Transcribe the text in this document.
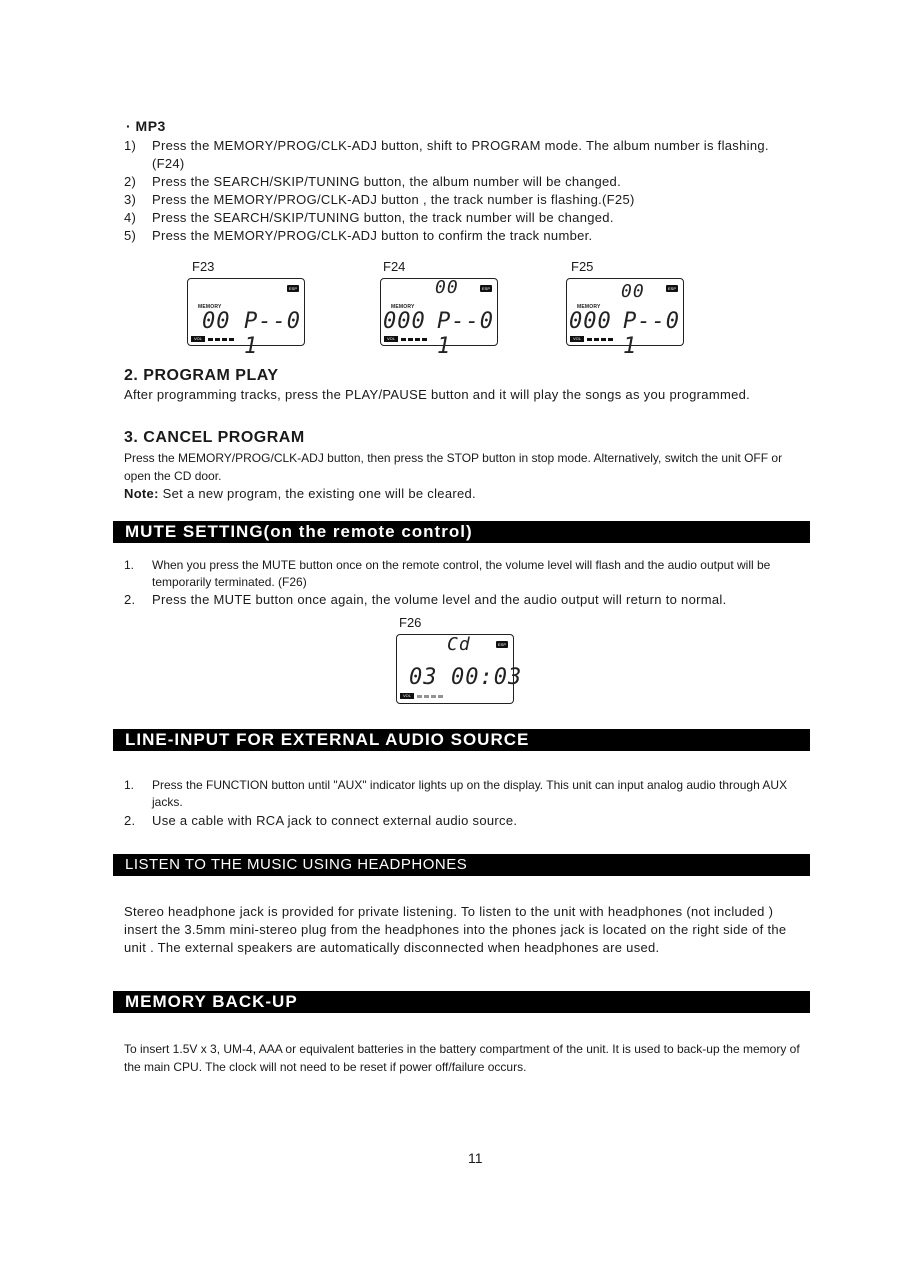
· MP3
1) Press the MEMORY/PROG/CLK-ADJ button, shift to PROGRAM mode. The album number is flashing. (F24)
2) Press the SEARCH/SKIP/TUNING button, the album number will be changed.
3) Press the MEMORY/PROG/CLK-ADJ button , the track number is flashing.(F25)
4) Press the SEARCH/SKIP/TUNING button, the track number will be changed.
5) Press the MEMORY/PROG/CLK-ADJ button to confirm the track number.
F23
ESP
MEMORY
00 P--0 1
VOL
F24
00	ESP
MEMORY
000 P--0 1
VOL
F25
00	ESP
MEMORY
000 P--0 1
VOL
2. PROGRAM PLAY
After programming tracks, press the PLAY/PAUSE button and it will play the songs as you programmed.
3. CANCEL PROGRAM
Press the MEMORY/PROG/CLK-ADJ button, then press the STOP button in stop mode. Alternatively, switch the unit OFF or open the CD door.
Note: Set a new program, the existing one will be cleared.
MUTE SETTING(on the remote control)
1. When you press the MUTE button once on the remote control, the volume level will flash and the audio output will be temporarily terminated. (F26)
2. Press the MUTE button once again, the volume level and the audio output will return to normal.
F26
Cd	ESP
03 00:03
VOL
LINE-INPUT FOR EXTERNAL AUDIO SOURCE
1. Press the FUNCTION button until "AUX" indicator lights up on the display. This unit can input analog audio through AUX jacks.
2. Use a cable with RCA jack to connect external audio source.
LISTEN TO THE MUSIC USING HEADPHONES
Stereo headphone jack is provided for private listening. To listen to the unit with headphones (not included ) insert the 3.5mm mini-stereo plug from the headphones into the phones jack is located on the right side of the unit . The external speakers are automatically disconnected when headphones are used.
MEMORY BACK-UP
To insert 1.5V x 3, UM-4, AAA or equivalent batteries in the battery compartment of the unit. It is used to back-up the memory of the main CPU. The clock will not need to be reset if power off/failure occurs.
11
